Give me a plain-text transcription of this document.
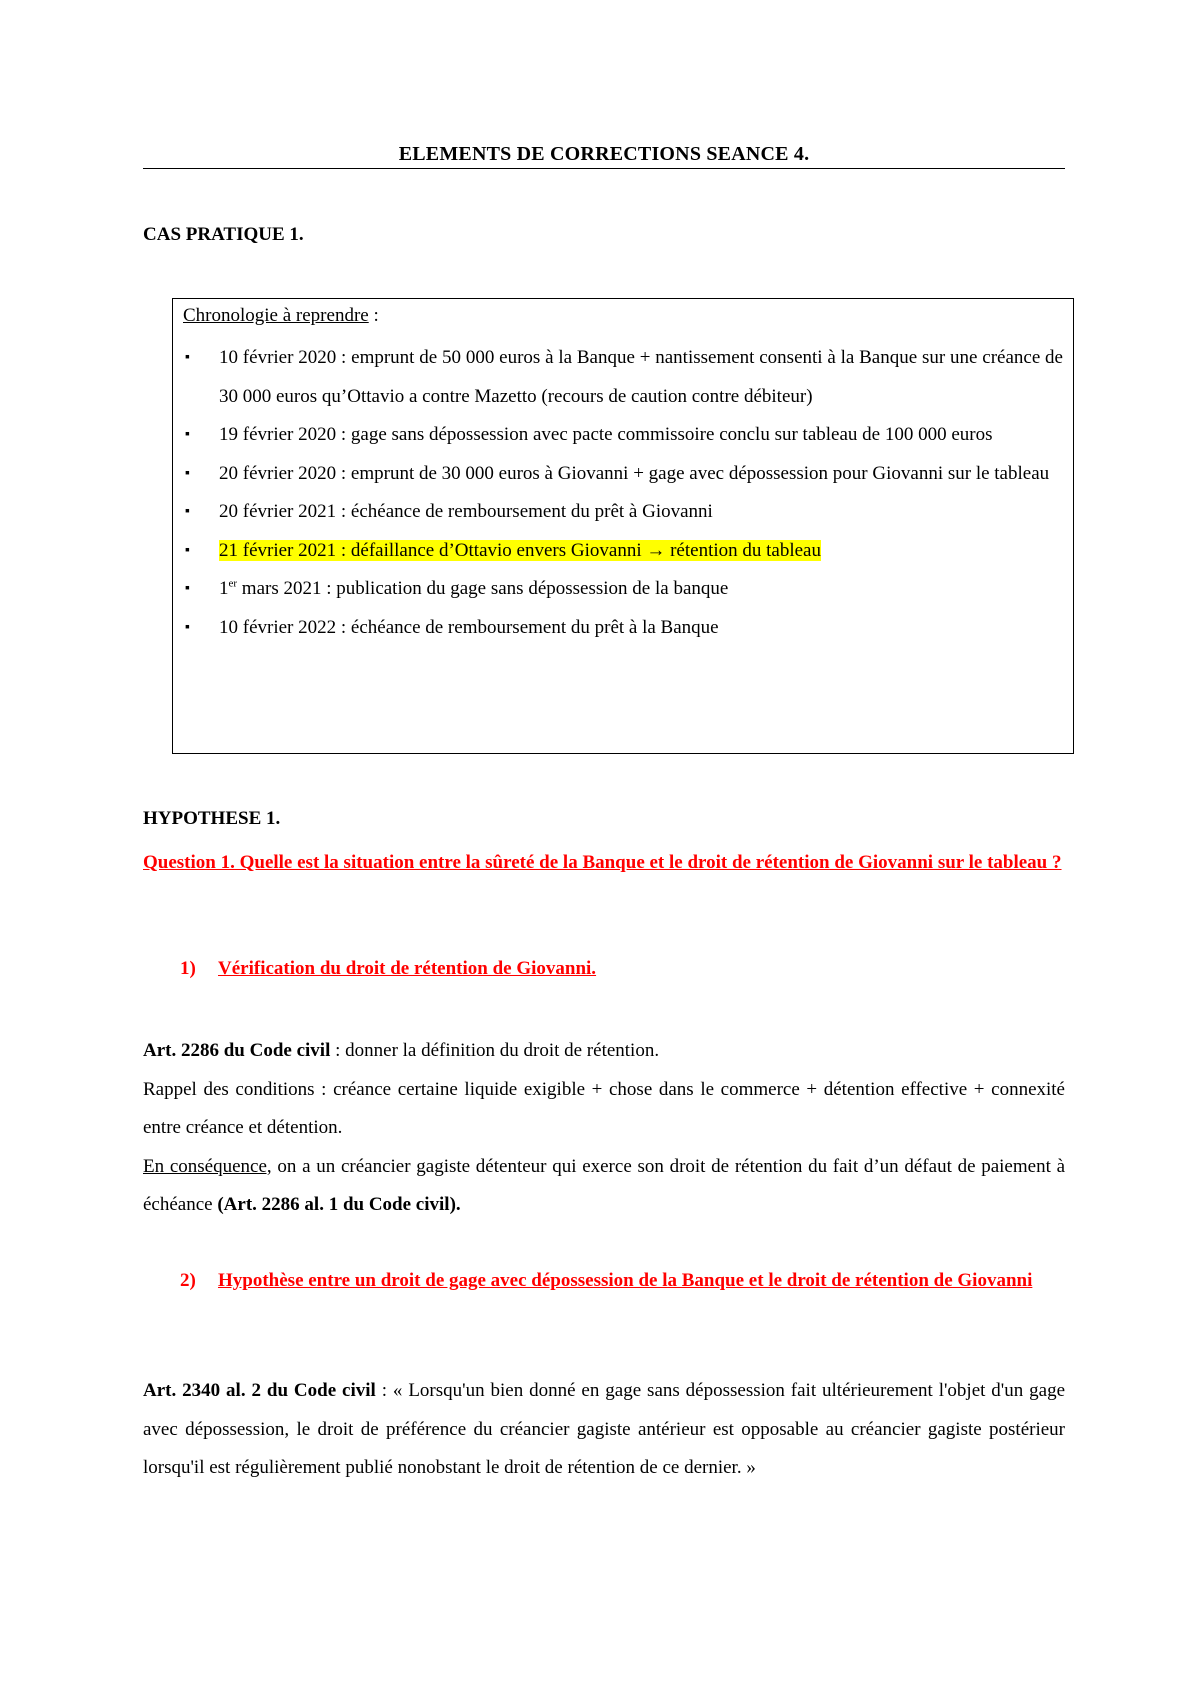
ELEMENTS DE CORRECTIONS SEANCE 4.
CAS PRATIQUE 1.
Chronologie à reprendre :
▪ 10 février 2020 : emprunt de 50 000 euros à la Banque + nantissement consenti à la Banque sur une créance de 30 000 euros qu’Ottavio a contre Mazetto (recours de caution contre débiteur)
▪ 19 février 2020 : gage sans dépossession avec pacte commissoire conclu sur tableau de 100 000 euros
▪ 20 février 2020 : emprunt de 30 000 euros à Giovanni + gage avec dépossession pour Giovanni sur le tableau
▪ 20 février 2021 : échéance de remboursement du prêt à Giovanni
▪ 21 février 2021 : défaillance d’Ottavio envers Giovanni → rétention du tableau
▪ 1er mars 2021 : publication du gage sans dépossession de la banque
▪ 10 février 2022 : échéance de remboursement du prêt à la Banque
HYPOTHESE 1.
Question 1. Quelle est la situation entre la sûreté de la Banque et le droit de rétention de Giovanni sur le tableau ?
1) Vérification du droit de rétention de Giovanni.
Art. 2286 du Code civil : donner la définition du droit de rétention.
Rappel des conditions : créance certaine liquide exigible + chose dans le commerce + détention effective + connexité entre créance et détention.
En conséquence, on a un créancier gagiste détenteur qui exerce son droit de rétention du fait d’un défaut de paiement à échéance (Art. 2286 al. 1 du Code civil).
2) Hypothèse entre un droit de gage avec dépossession de la Banque et le droit de rétention de Giovanni
Art. 2340 al. 2 du Code civil : « Lorsqu'un bien donné en gage sans dépossession fait ultérieurement l'objet d'un gage avec dépossession, le droit de préférence du créancier gagiste antérieur est opposable au créancier gagiste postérieur lorsqu'il est régulièrement publié nonobstant le droit de rétention de ce dernier. »
